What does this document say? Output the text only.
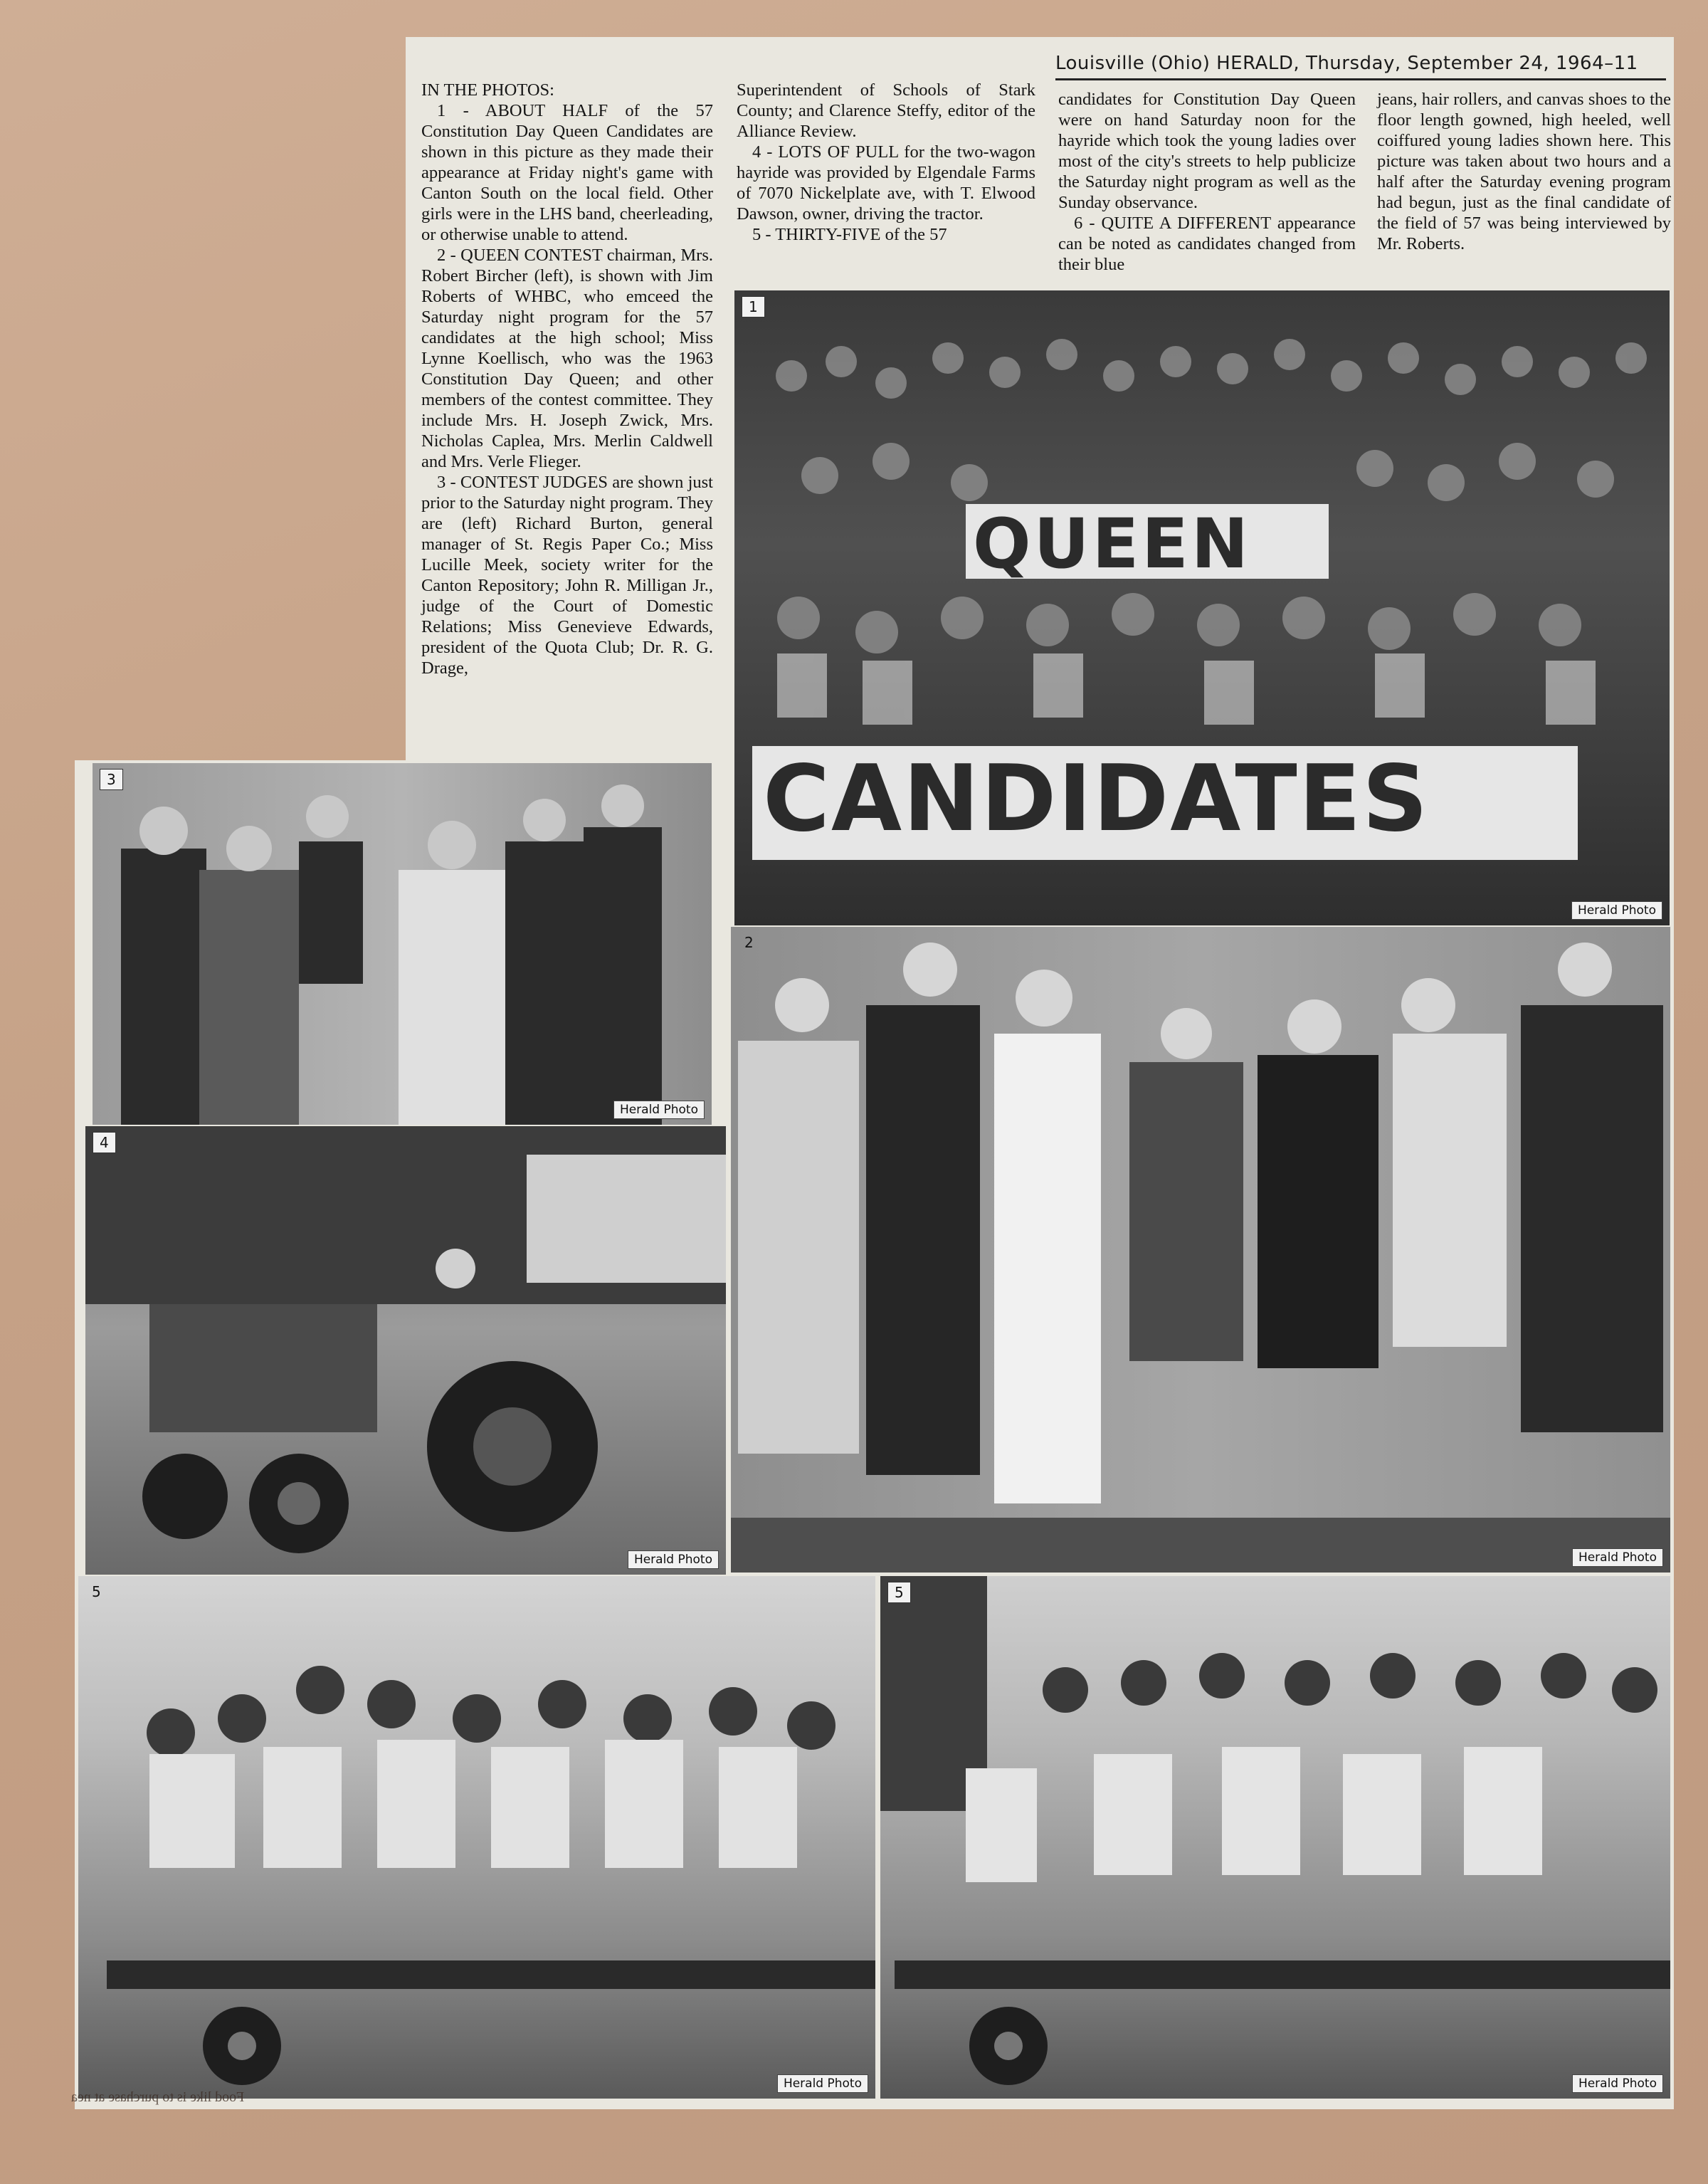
Louisville (Ohio) HERALD, Thursday, September 24, 1964–11

IN THE PHOTOS:

1 - ABOUT HALF of the 57 Constitution Day Queen Candidates are shown in this picture as they made their appearance at Friday night's game with Canton South on the local field. Other girls were in the LHS band, cheerleading, or otherwise unable to attend.

2 - QUEEN CONTEST chairman, Mrs. Robert Bircher (left), is shown with Jim Roberts of WHBC, who emceed the Saturday night program for the 57 candidates at the high school; Miss Lynne Koellisch, who was the 1963 Constitution Day Queen; and other members of the contest committee. They include Mrs. H. Joseph Zwick, Mrs. Nicholas Caplea, Mrs. Merlin Caldwell and Mrs. Verle Flieger.

3 - CONTEST JUDGES are shown just prior to the Saturday night program. They are (left) Richard Burton, general manager of St. Regis Paper Co.; Miss Lucille Meek, society writer for the Canton Repository; John R. Milligan Jr., judge of the Court of Domestic Relations; Miss Genevieve Edwards, president of the Quota Club; Dr. R. G. Drage,

Superintendent of Schools of Stark County; and Clarence Steffy, editor of the Alliance Review.

4 - LOTS OF PULL for the two-wagon hayride was provided by Elgendale Farms of 7070 Nickelplate ave, with T. Elwood Dawson, owner, driving the tractor.

5 - THIRTY-FIVE of the 57

candidates for Constitution Day Queen were on hand Saturday noon for the hayride which took the young ladies over most of the city's streets to help publicize the Saturday night program as well as the Sunday observance.

6 - QUITE A DIFFERENT appearance can be noted as candidates changed from their blue

jeans, hair rollers, and canvas shoes to the floor length gowned, high heeled, well coiffured young ladies shown here. This picture was taken about two hours and a half after the Saturday evening program had begun, just as the final candidate of the field of 57 was being interviewed by Mr. Roberts.

QUEEN
CANDIDATES
1
Herald Photo
3
Herald Photo
4
Herald Photo
2
Herald Photo
5
Herald Photo
5
Herald Photo
Food like is to purchase at nea
